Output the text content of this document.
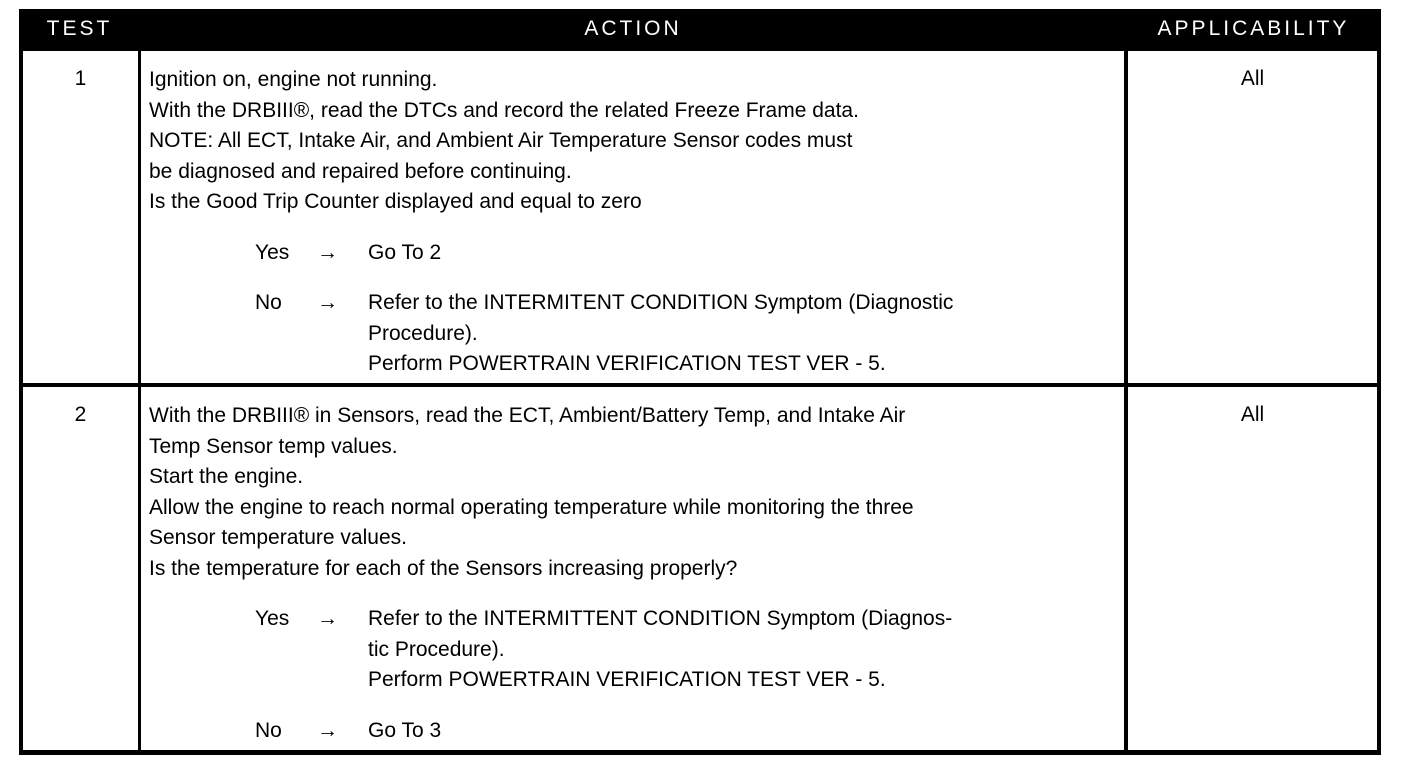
TEST	ACTION	APPLICABILITY
1	Ignition on, engine not running.
With the DRBIII®, read the DTCs and record the related Freeze Frame data.
NOTE: All ECT, Intake Air, and Ambient Air Temperature Sensor codes must
be diagnosed and repaired before continuing.
Is the Good Trip Counter displayed and equal to zero
Yes → Go To 2
No → Refer to the INTERMITENT CONDITION Symptom (Diagnostic
Procedure).
Perform POWERTRAIN VERIFICATION TEST VER - 5.
All
2	With the DRBIII® in Sensors, read the ECT, Ambient/Battery Temp, and Intake Air
Temp Sensor temp values.
Start the engine.
Allow the engine to reach normal operating temperature while monitoring the three
Sensor temperature values.
Is the temperature for each of the Sensors increasing properly?
Yes → Refer to the INTERMITTENT CONDITION Symptom (Diagnos-
tic Procedure).
Perform POWERTRAIN VERIFICATION TEST VER - 5.
No → Go To 3
All
